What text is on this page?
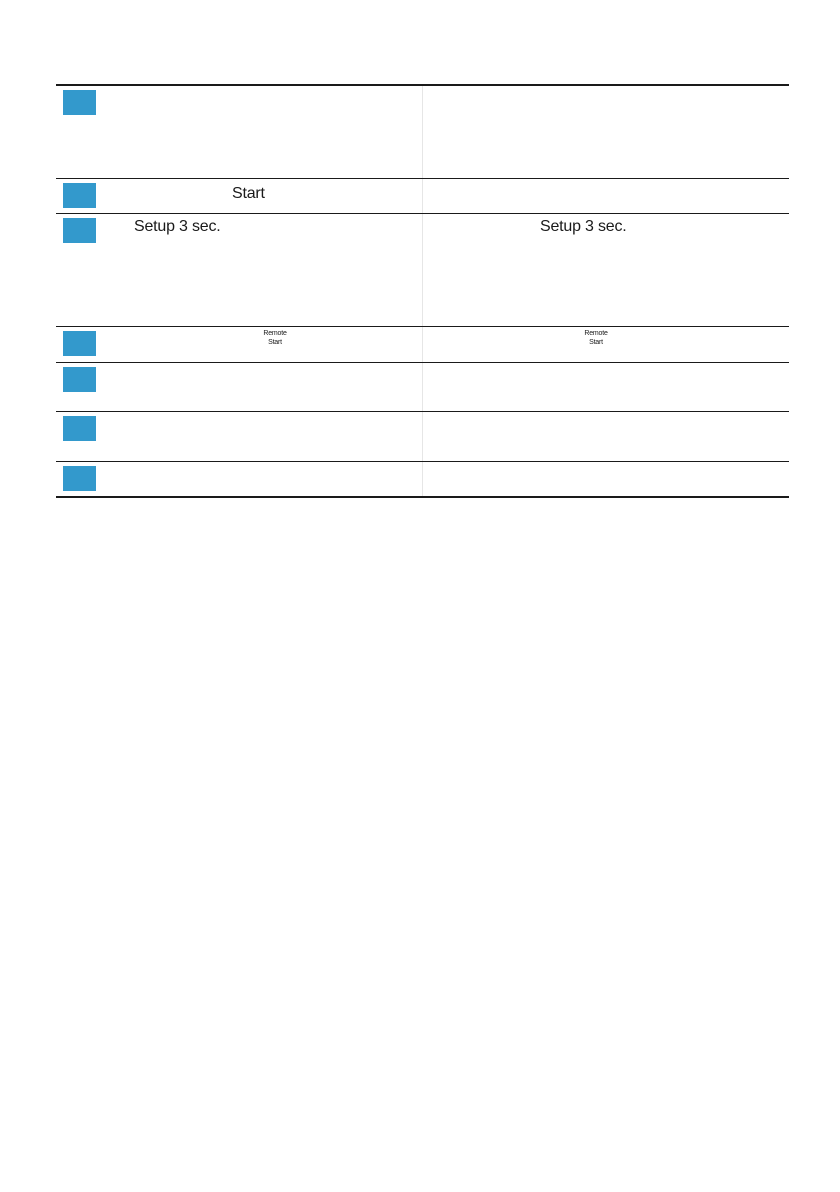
Start
Setup 3 sec.	Setup 3 sec.
Remote
Start
Remote
Start
